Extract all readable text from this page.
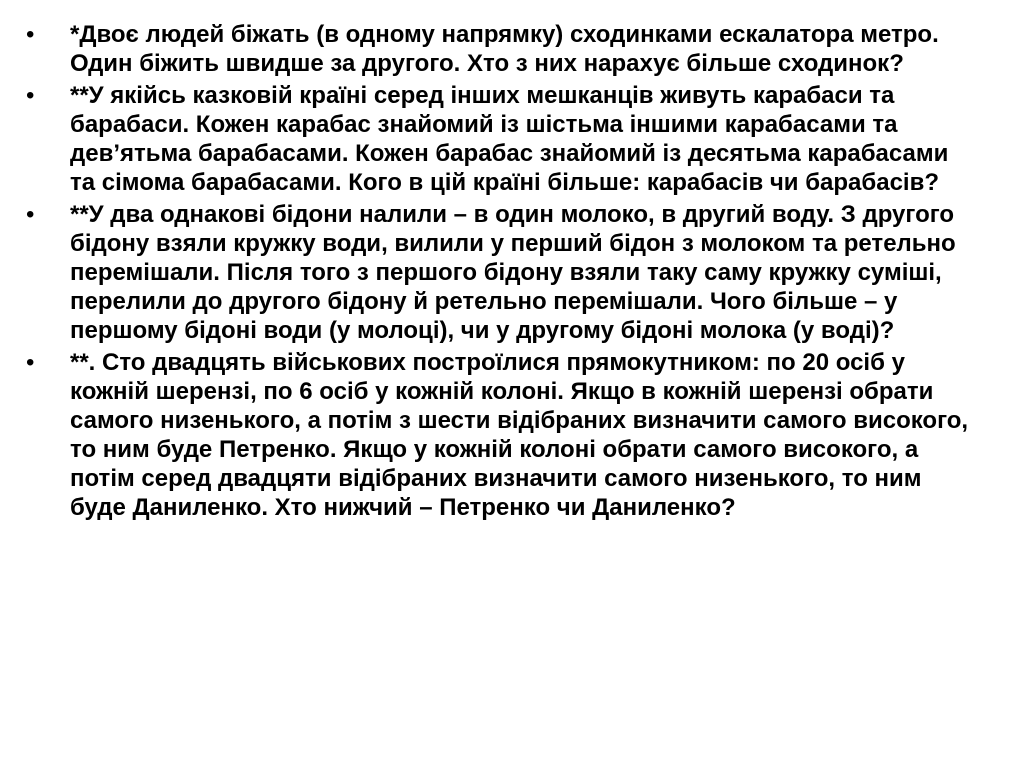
•	*Двоє людей біжать (в одному напрямку) сходинками ескалатора метро. Один біжить швидше за другого. Хто з них нарахує більше сходинок?
•	**У якійсь казковій країні серед інших мешканців живуть карабаси та барабаси. Кожен карабас знайомий із шістьма іншими карабасами та дев’ятьма барабасами. Кожен барабас знайомий із десятьма карабасами та сімома барабасами. Кого в цій країні більше: карабасів чи барабасів?
•	**У два однакові бідони налили – в один молоко, в другий воду. З другого бідону взяли кружку води, вилили у перший бідон з молоком та ретельно перемішали. Після того з першого бідону взяли таку саму кружку суміші, перелили до другого бідону й ретельно перемішали. Чого більше – у першому бідоні води (у молоці), чи у другому бідоні молока (у воді)?
•	**. Сто двадцять військових построїлися прямокутником: по 20 осіб у кожній шерензі, по 6 осіб у кожній колоні. Якщо в кожній шерензі обрати самого низенького, а потім з шести відібраних визначити самого високого, то ним буде Петренко. Якщо у кожній колоні обрати самого високого, а потім серед двадцяти відібраних визначити самого низенького, то ним буде Даниленко. Хто нижчий – Петренко чи Даниленко?
